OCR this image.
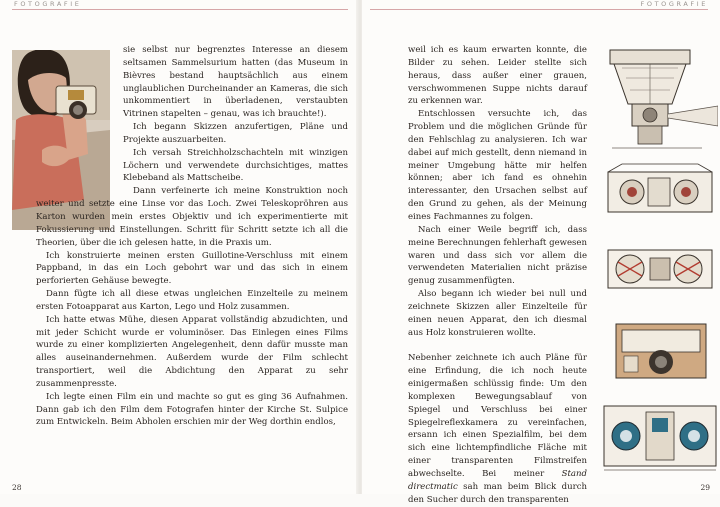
FOTOGRAFIE

sie selbst nur begrenztes Interesse an diesem seltsamen Sammelsurium hatten (das Museum in Bièvres bestand hauptsächlich aus einem unglaublichen Durcheinander an Kameras, die sich unkommentiert in überladenen, verstaubten Vitrinen stapelten – genau, was ich brauchte!).

Ich begann Skizzen anzufertigen, Pläne und Projekte auszuarbeiten.

Ich versah Streichholzschachteln mit winzigen Löchern und verwendete durchsichtiges, mattes Klebeband als Mattscheibe.

Dann verfeinerte ich meine Konstruktion noch weiter und setzte eine Linse vor das Loch. Zwei Teleskopröhren aus Karton wurden mein erstes Objektiv und ich experimentierte mit Fokussierung und Einstellungen. Schritt für Schritt setzte ich all die Theorien, über die ich gelesen hatte, in die Praxis um.

Ich konstruierte meinen ersten Guillotine-Verschluss mit einem Pappband, in das ein Loch gebohrt war und das sich in einem perforierten Gehäuse bewegte.

Dann fügte ich all diese etwas ungleichen Einzelteile zu meinem ersten Fotoapparat aus Karton, Lego und Holz zusammen.

Ich hatte etwas Mühe, diesen Apparat vollständig abzudichten, und mit jeder Schicht wurde er voluminöser. Das Einlegen eines Films wurde zu einer komplizierten Angelegenheit, denn dafür musste man alles auseinandernehmen. Außerdem wurde der Film schlecht transportiert, weil die Abdichtung den Apparat zu sehr zusammenpresste.

Ich legte einen Film ein und machte so gut es ging 36 Aufnahmen. Dann gab ich den Film dem Fotografen hinter der Kirche St. Sulpice zum Entwickeln. Beim Abholen erschien mir der Weg dorthin endlos,

28
FOTOGRAFIE

weil ich es kaum erwarten konnte, die Bilder zu sehen. Leider stellte sich heraus, dass außer einer grauen, verschwommenen Suppe nichts darauf zu erkennen war.

Entschlossen versuchte ich, das Problem und die möglichen Gründe für den Fehlschlag zu analysieren. Ich war dabei auf mich gestellt, denn niemand in meiner Umgebung hätte mir helfen können; aber ich fand es ohnehin interessanter, den Ursachen selbst auf den Grund zu gehen, als der Meinung eines Fachmannes zu folgen.

Nach einer Weile begriff ich, dass meine Berechnungen fehlerhaft gewesen waren und dass sich vor allem die verwendeten Materialien nicht präzise genug zusammenfügten.

Also begann ich wieder bei null und zeichnete Skizzen aller Einzelteile für einen neuen Apparat, den ich diesmal aus Holz konstruieren wollte.

Nebenher zeichnete ich auch Pläne für eine Erfindung, die ich noch heute einigermaßen schlüssig finde: Um den komplexen Bewegungsablauf von Spiegel und Verschluss bei einer Spiegelreflexkamera zu vereinfachen, ersann ich einen Spezialfilm, bei dem sich eine lichtempfindliche Fläche mit einer transparenten Filmstreifen abwechselte. Bei meiner Stand directmatic sah man beim Blick durch den Sucher durch den transparenten

29
